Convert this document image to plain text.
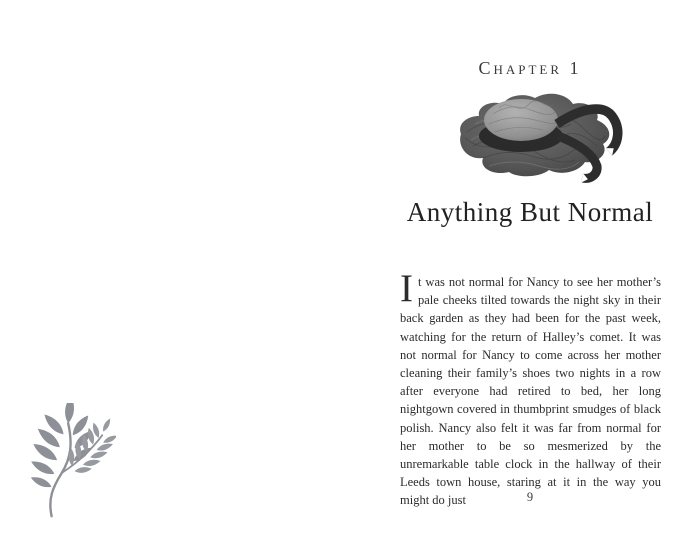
Chapter 1
Anything But Normal
It was not normal for Nancy to see her mother’s pale cheeks tilted towards the night sky in their back garden as they had been for the past week, watching for the return of Halley’s comet. It was not normal for Nancy to come across her mother cleaning their family’s shoes two nights in a row after everyone had retired to bed, her long nightgown covered in thumbprint smudges of black polish. Nancy also felt it was far from normal for her mother to be so mesmerized by the unremarkable table clock in the hallway of their Leeds town house, staring at it in the way you might do just	9
